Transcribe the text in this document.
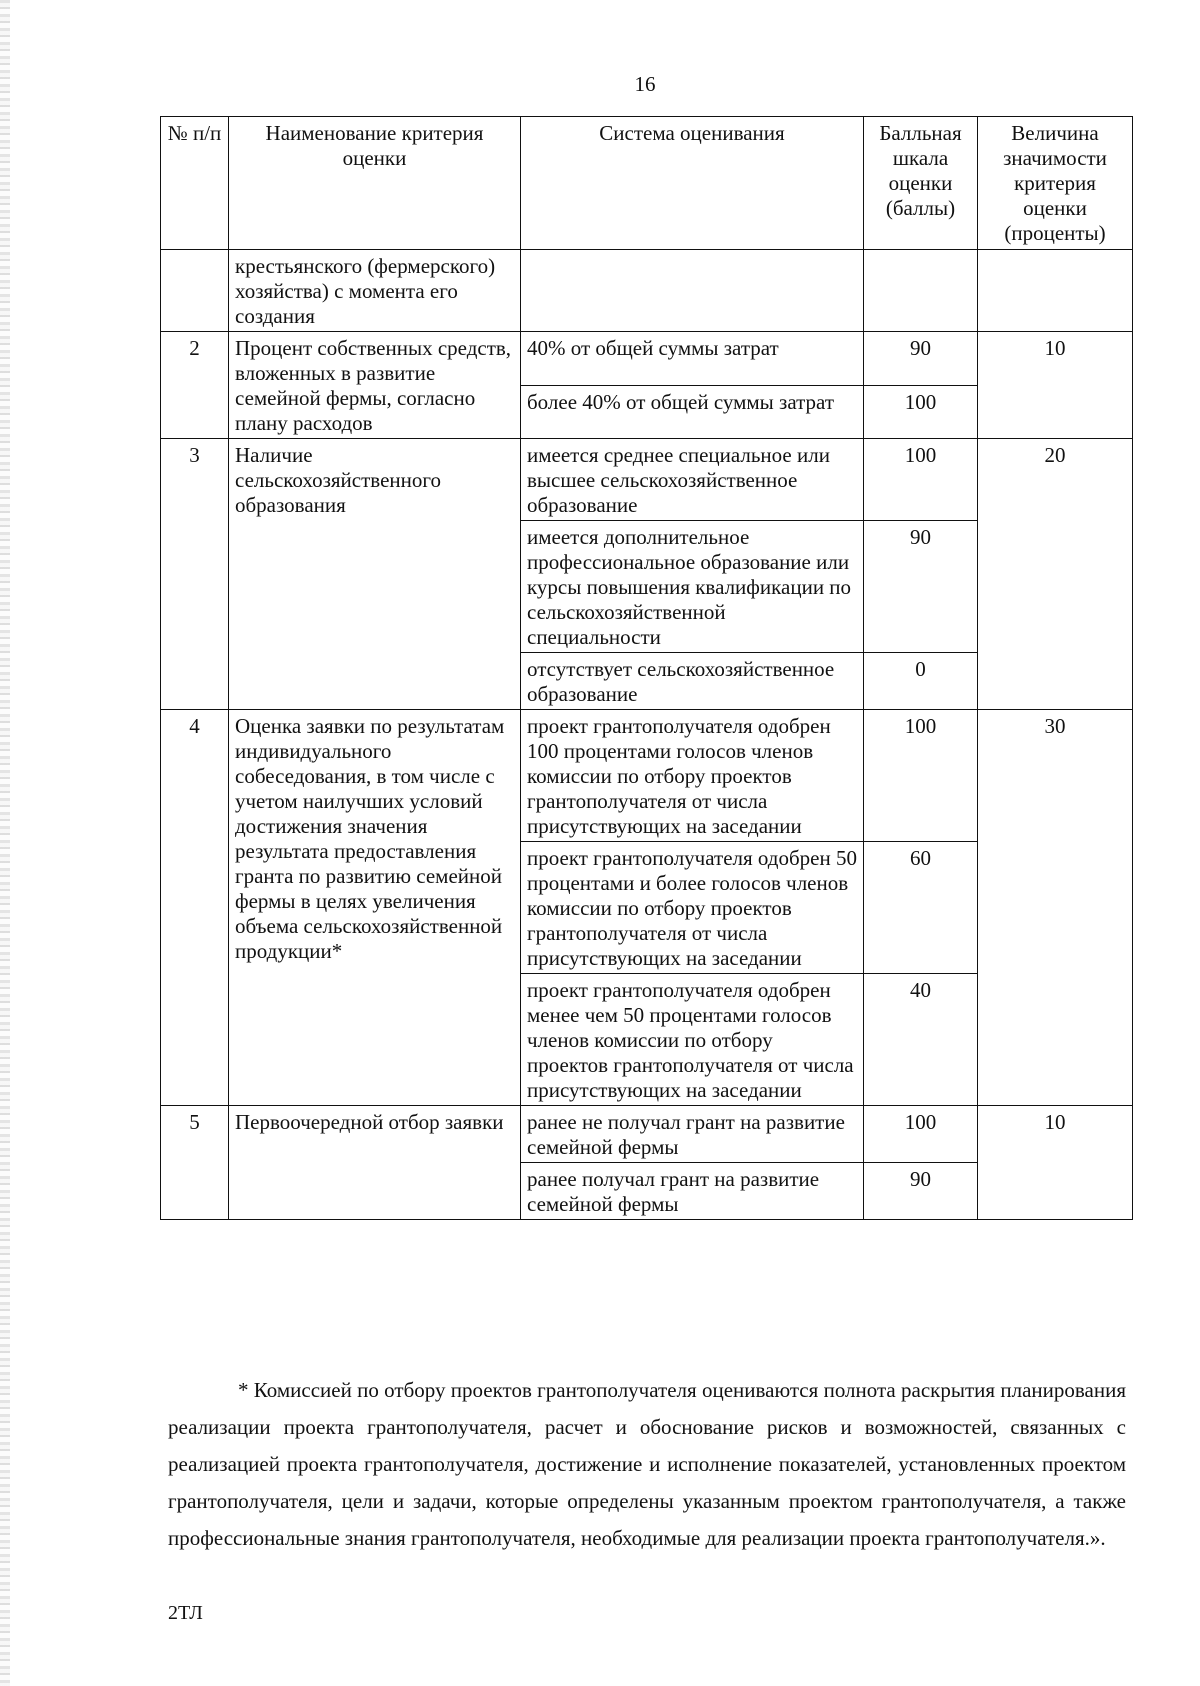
16
№ п/п	Наименование критерия оценки	Система оценивания	Балльная шкала оценки (баллы)	Величина значимости критерия оценки (проценты)
	крестьянского (фермерского) хозяйства) с момента его создания			
2	Процент собственных средств, вложенных в развитие семейной фермы, согласно плану расходов	40% от общей суммы затрат	90	10
		более 40% от общей суммы затрат	100	
3	Наличие сельскохозяйственного образования	имеется среднее специальное или высшее сельскохозяйственное образование	100	20
		имеется дополнительное профессиональное образование или курсы повышения квалификации по сельскохозяйственной специальности	90	
		отсутствует сельскохозяйственное образование	0	
4	Оценка заявки по результатам индивидуального собеседования, в том числе с учетом наилучших условий достижения значения результата предоставления гранта по развитию семейной фермы в целях увеличения объема сельскохозяйственной продукции*	проект грантополучателя одобрен 100 процентами голосов членов комиссии по отбору проектов грантополучателя от числа присутствующих на заседании	100	30
		проект грантополучателя одобрен 50 процентами и более голосов членов комиссии по отбору проектов грантополучателя от числа присутствующих на заседании	60	
		проект грантополучателя одобрен менее чем 50 процентами голосов членов комиссии по отбору проектов грантополучателя от числа присутствующих на заседании	40	
5	Первоочередной отбор заявки	ранее не получал грант на развитие семейной фермы	100	10
		ранее получал грант на развитие семейной фермы	90	
* Комиссией по отбору проектов грантополучателя оцениваются полнота раскрытия планирования реализации проекта грантополучателя, расчет и обоснование рисков и возможностей, связанных с реализацией проекта грантополучателя, достижение и исполнение показателей, установленных проектом грантополучателя, цели и задачи, которые определены указанным проектом грантополучателя, а также профессиональные знания грантополучателя, необходимые для реализации проекта грантополучателя.».
2ТЛ
